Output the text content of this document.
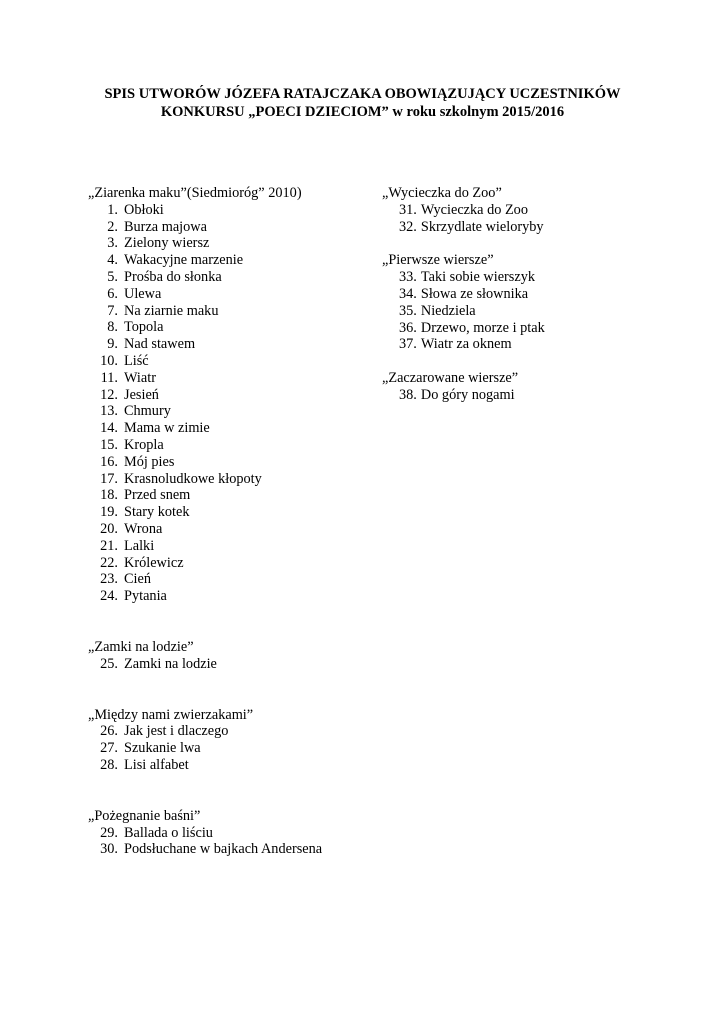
SPIS UTWORÓW JÓZEFA RATAJCZAKA OBOWIĄZUJĄCY UCZESTNIKÓW
KONKURSU „POECI DZIECIOM” w roku szkolnym 2015/2016
„Ziarenka maku”(Siedmioróg” 2010)
1. Obłoki
2. Burza majowa
3. Zielony wiersz
4. Wakacyjne marzenie
5. Prośba do słonka
6. Ulewa
7. Na ziarnie maku
8. Topola
9. Nad stawem
10. Liść
11. Wiatr
12. Jesień
13. Chmury
14. Mama w zimie
15. Kropla
16. Mój pies
17. Krasnoludkowe kłopoty
18. Przed snem
19. Stary kotek
20. Wrona
21. Lalki
22. Królewicz
23. Cień
24. Pytania
„Zamki na lodzie”
25. Zamki na lodzie
„Między nami zwierzakami”
26. Jak jest i dlaczego
27. Szukanie lwa
28. Lisi alfabet
„Pożegnanie baśni”
29. Ballada o liściu
30. Podsłuchane w bajkach Andersena
„Wycieczka do Zoo”
31. Wycieczka do Zoo
32. Skrzydlate wieloryby
„Pierwsze wiersze”
33. Taki sobie wierszyk
34. Słowa ze słownika
35. Niedziela
36. Drzewo, morze i ptak
37. Wiatr za oknem
„Zaczarowane wiersze”
38. Do góry nogami
